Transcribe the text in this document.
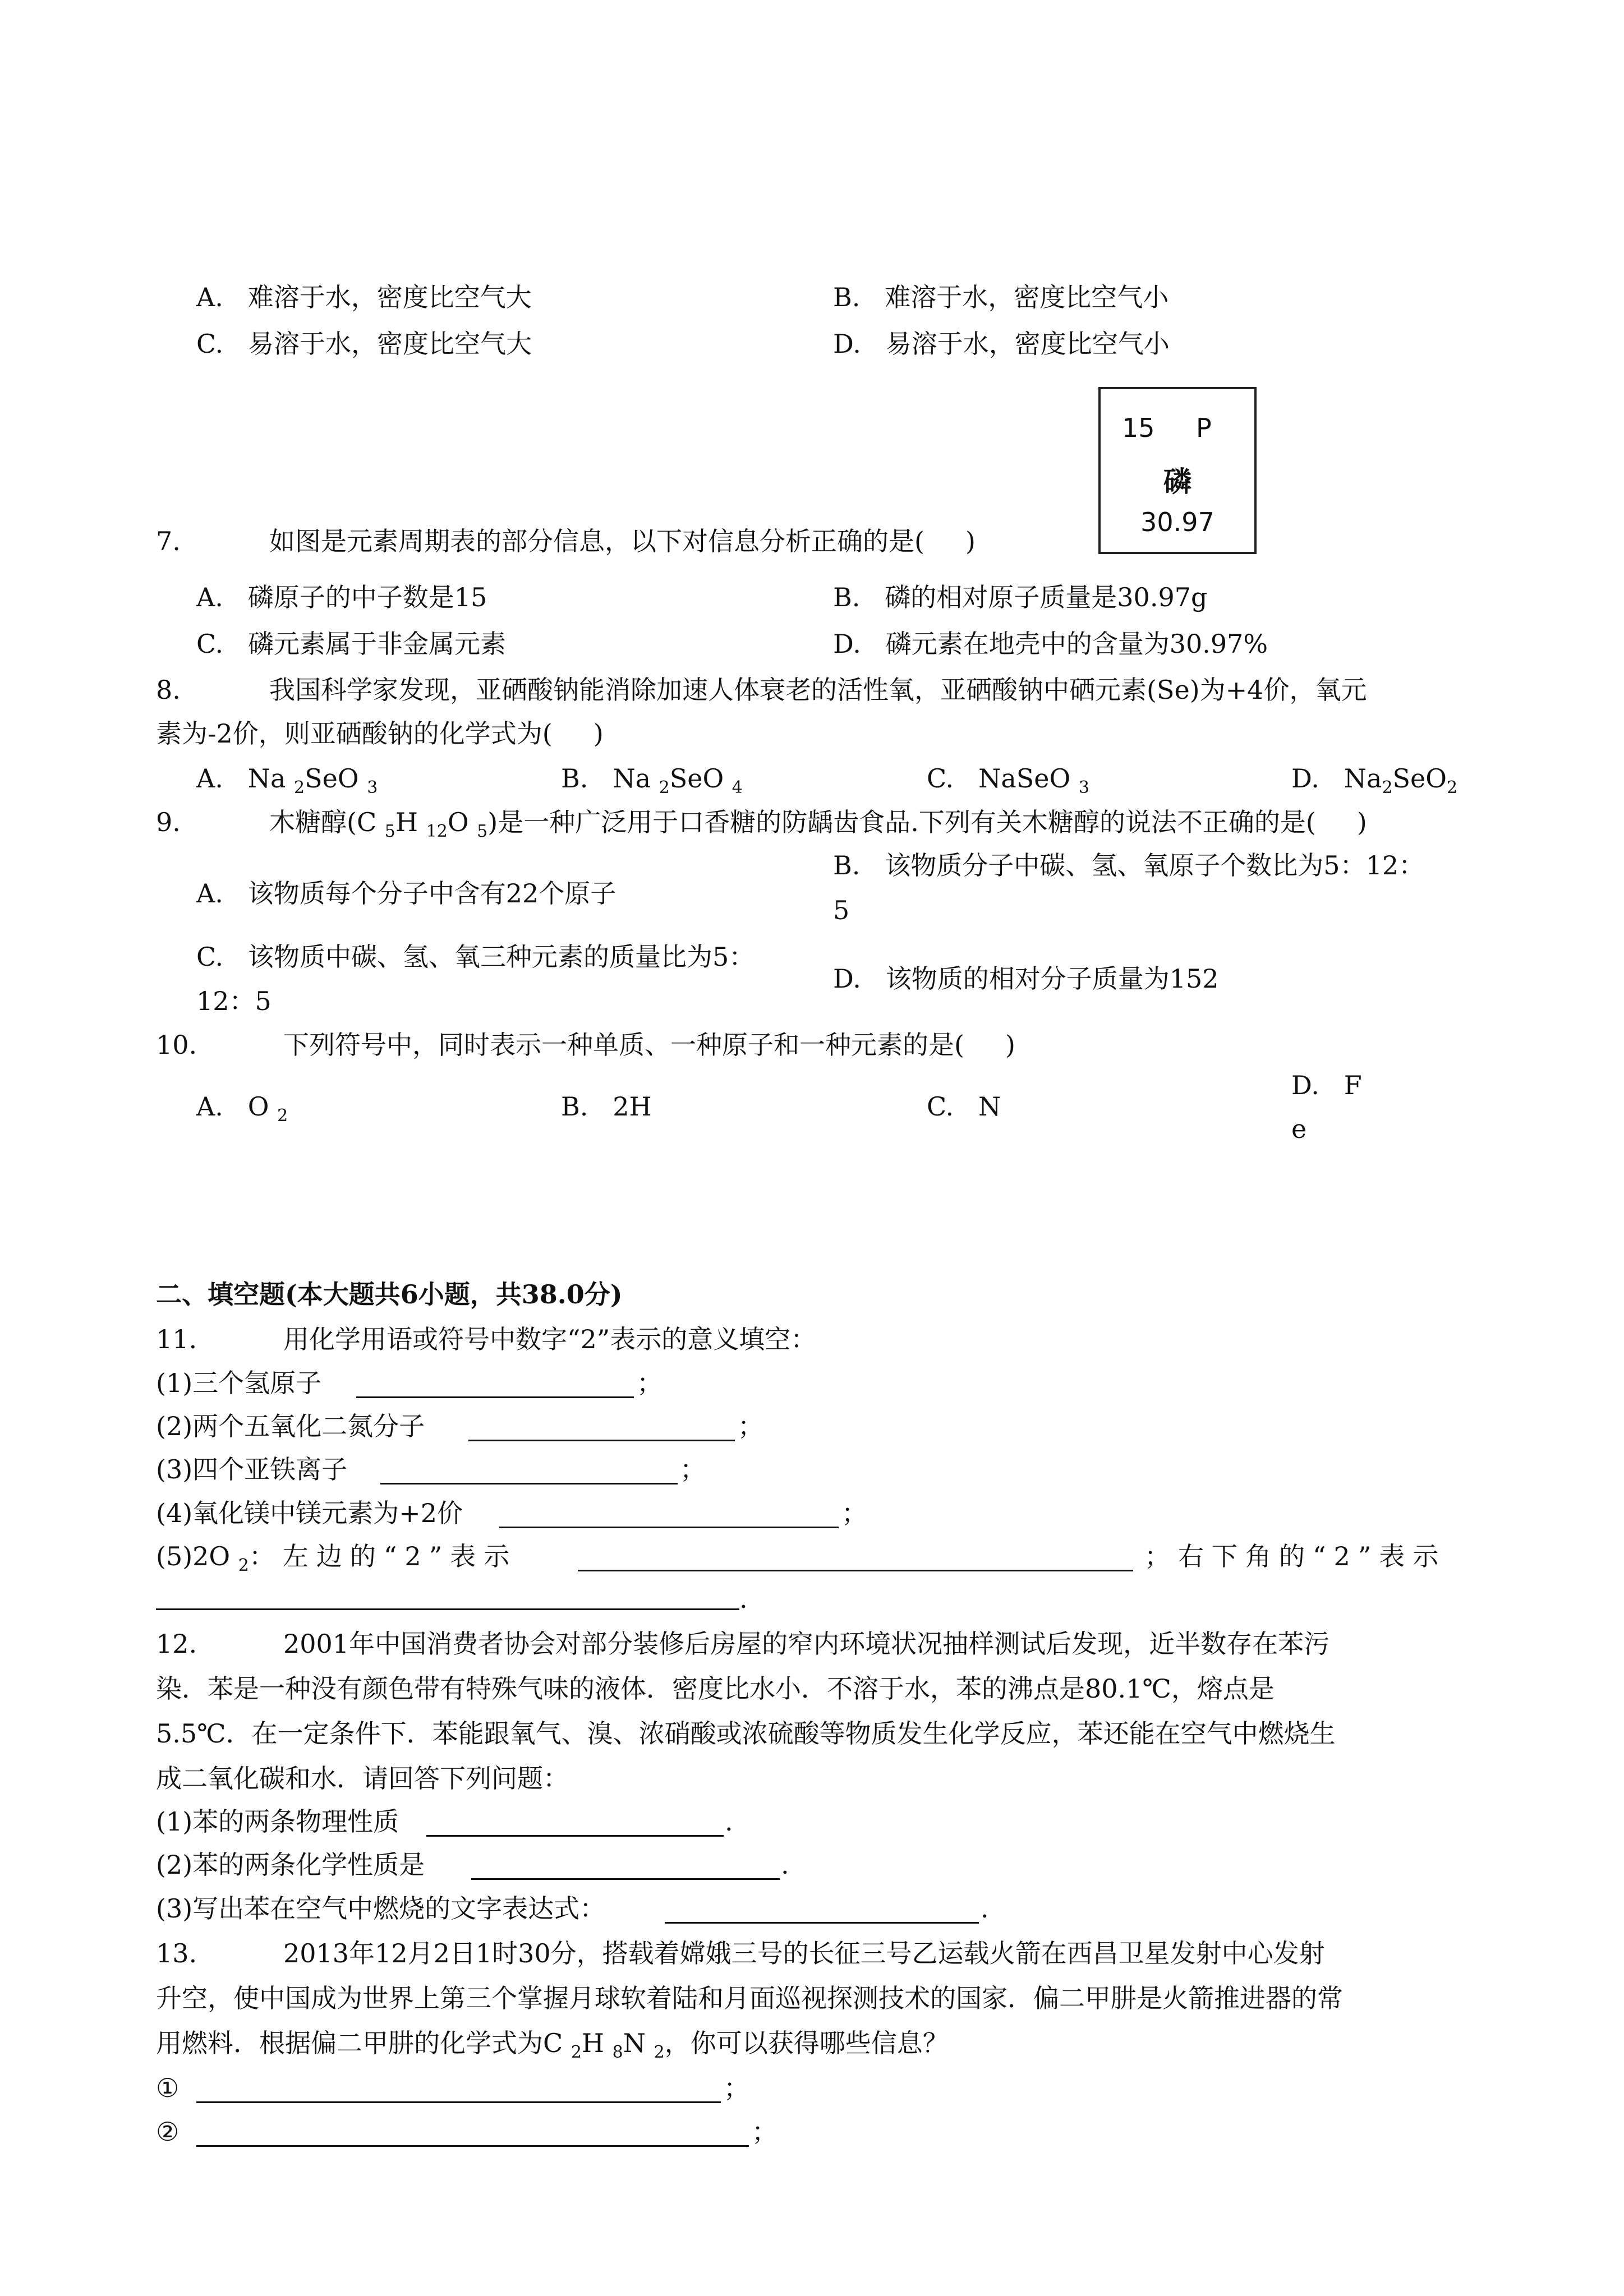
A.   难溶于水，密度比空气大	B.   难溶于水，密度比空气小
C.   易溶于水，密度比空气大	D.   易溶于水，密度比空气小
15 P
磷
30.97
7.	如图是元素周期表的部分信息，以下对信息分析正确的是(     )
A.   磷原子的中子数是15	B.   磷的相对原子质量是30.97g
C.   磷元素属于非金属元素	D.   磷元素在地壳中的含量为30.97%
8.	我国科学家发现，亚硒酸钠能消除加速人体衰老的活性氧，亚硒酸钠中硒元素(Se)为+4价，氧元
素为-2价，则亚硒酸钠的化学式为(     )
A. Na $_2$SeO $_3$	B. Na $_2$SeO $_4$	C. NaSeO $_3$	D. $Na_2SeO_2$
9.	木糖醇(C $_5$H $_{12}$O $_5$)是一种广泛用于口香糖的防龋齿食品.下列有关木糖醇的说法不正确的是(     )
A.   该物质每个分子中含有22个原子
B.   该物质分子中碳、氢、氧原子个数比为5：12：
5
C.   该物质中碳、氢、氧三种元素的质量比为5：
12：5
D.   该物质的相对分子质量为152
10.	下列符号中，同时表示一种单质、一种原子和一种元素的是(     )
A. O $_2$	B.   2H	C.   N
D.   F
e
二、填空题(本大题共6小题，共38.0分)
11.	用化学用语或符号中数字“2”表示的意义填空：
(1)三个氢原子	；
(2)两个五氧化二氮分子	；
(3)四个亚铁离子	；
(4)氧化镁中镁元素为+2价	；
(5)2O $_2$：左边的“2”表示	；右下角的“2”表示
.
12.	2001年中国消费者协会对部分装修后房屋的窄内环境状况抽样测试后发现，近半数存在苯污
染．苯是一种没有颜色带有特殊气味的液体．密度比水小．不溶于水，苯的沸点是80.1℃，熔点是
5.5℃．在一定条件下．苯能跟氧气、溴、浓硝酸或浓硫酸等物质发生化学反应，苯还能在空气中燃烧生
成二氧化碳和水．请回答下列问题：
(1)苯的两条物理性质	.
(2)苯的两条化学性质是	.
(3)写出苯在空气中燃烧的文字表达式：	.
13.	2013年12月2日1时30分，搭载着嫦娥三号的长征三号乙运载火箭在西昌卫星发射中心发射
升空，使中国成为世界上第三个掌握月球软着陆和月面巡视探测技术的国家．偏二甲肼是火箭推进器的常
用燃料．根据偏二甲肼的化学式为C $_2$H $_8$N $_2$，你可以获得哪些信息？
①	；
②	；
